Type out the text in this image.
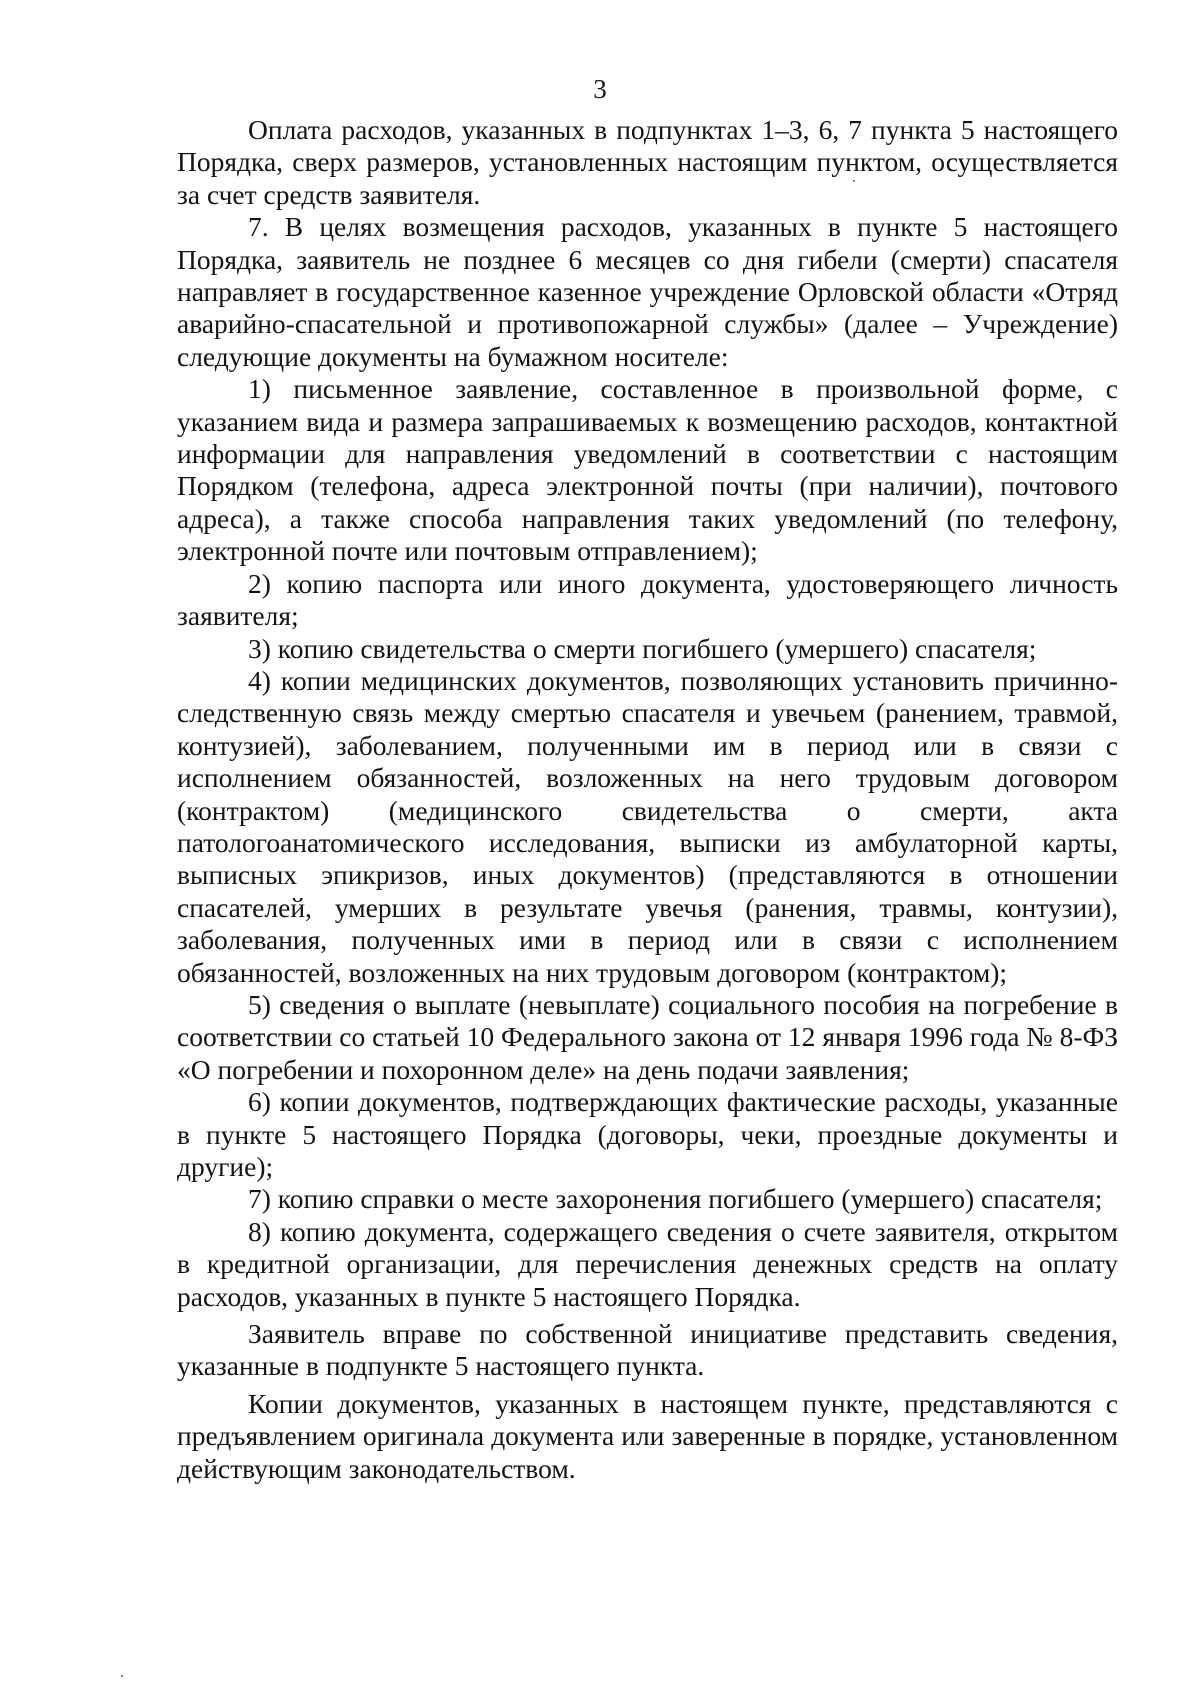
3

Оплата расходов, указанных в подпунктах 1–3, 6, 7 пункта 5 настоящего Порядка, сверх размеров, установленных настоящим пунктом, осуществляется за счет средств заявителя.

7. В целях возмещения расходов, указанных в пункте 5 настоящего Порядка, заявитель не позднее 6 месяцев со дня гибели (смерти) спасателя направляет в государственное казенное учреждение Орловской области «Отряд аварийно-спасательной и противопожарной службы» (далее – Учреждение) следующие документы на бумажном носителе:

1) письменное заявление, составленное в произвольной форме, с указанием вида и размера запрашиваемых к возмещению расходов, контактной информации для направления уведомлений в соответствии с настоящим Порядком (телефона, адреса электронной почты (при наличии), почтового адреса), а также способа направления таких уведомлений (по телефону, электронной почте или почтовым отправлением);

2) копию паспорта или иного документа, удостоверяющего личность заявителя;

3) копию свидетельства о смерти погибшего (умершего) спасателя;

4) копии медицинских документов, позволяющих установить причинно-следственную связь между смертью спасателя и увечьем (ранением, травмой, контузией), заболеванием, полученными им в период или в связи с исполнением обязанностей, возложенных на него трудовым договором (контрактом) (медицинского свидетельства о смерти, акта патологоанатомического исследования, выписки из амбулаторной карты, выписных эпикризов, иных документов) (представляются в отношении спасателей, умерших в результате увечья (ранения, травмы, контузии), заболевания, полученных ими в период или в связи с исполнением обязанностей, возложенных на них трудовым договором (контрактом);

5) сведения о выплате (невыплате) социального пособия на погребение в соответствии со статьей 10 Федерального закона от 12 января 1996 года № 8-ФЗ «О погребении и похоронном деле» на день подачи заявления;

6) копии документов, подтверждающих фактические расходы, указанные в пункте 5 настоящего Порядка (договоры, чеки, проездные документы и другие);

7) копию справки о месте захоронения погибшего (умершего) спасателя;

8) копию документа, содержащего сведения о счете заявителя, открытом в кредитной организации, для перечисления денежных средств на оплату расходов, указанных в пункте 5 настоящего Порядка.

Заявитель вправе по собственной инициативе представить сведения, указанные в подпункте 5 настоящего пункта.

Копии документов, указанных в настоящем пункте, представляются с предъявлением оригинала документа или заверенные в порядке, установленном действующим законодательством.
